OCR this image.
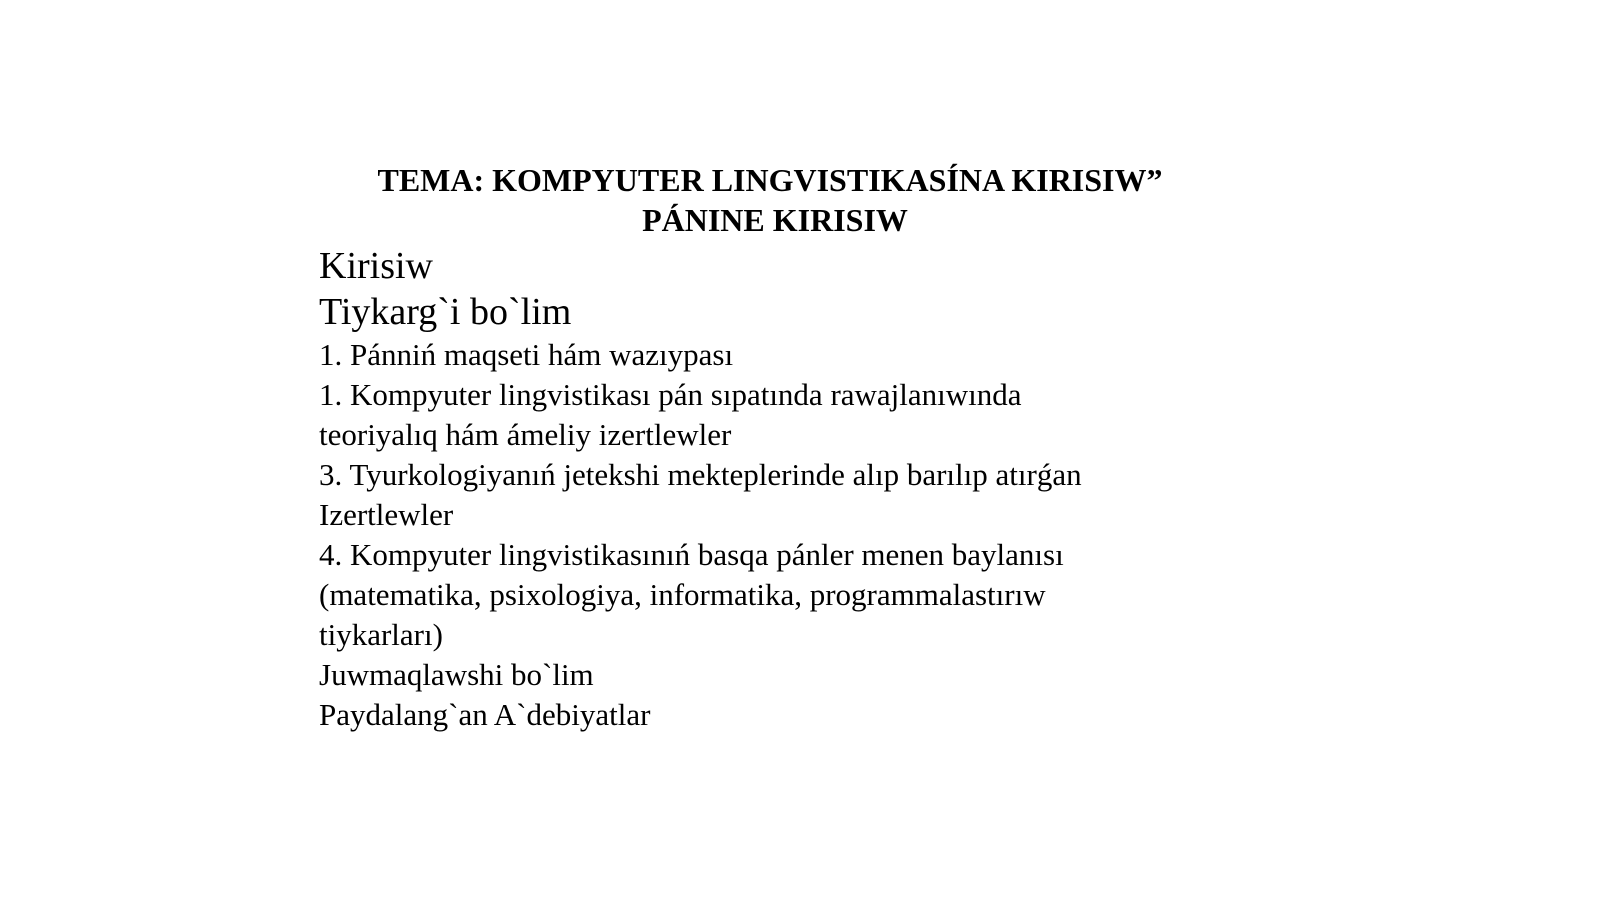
TEMA: KOMPYUTER LINGVISTIKASÍNA KIRISIW”
PÁNINE KIRISIW
Kirisiw
Tiykarg`i bo`lim
1. Pánniń maqseti hám wazıypası
1. Kompyuter lingvistikası pán sıpatında rawajlanıwında
teoriyalıq hám ámeliy izertlewler
3. Tyurkologiyanıń jetekshi mekteplerinde alıp barılıp atırǵan
Izertlewler
4. Kompyuter lingvistikasınıń basqa pánler menen baylanısı
(matematika, psixologiya, informatika, programmalastırıw
tiykarları)
Juwmaqlawshi bo`lim
Paydalang`an A`debiyatlar
